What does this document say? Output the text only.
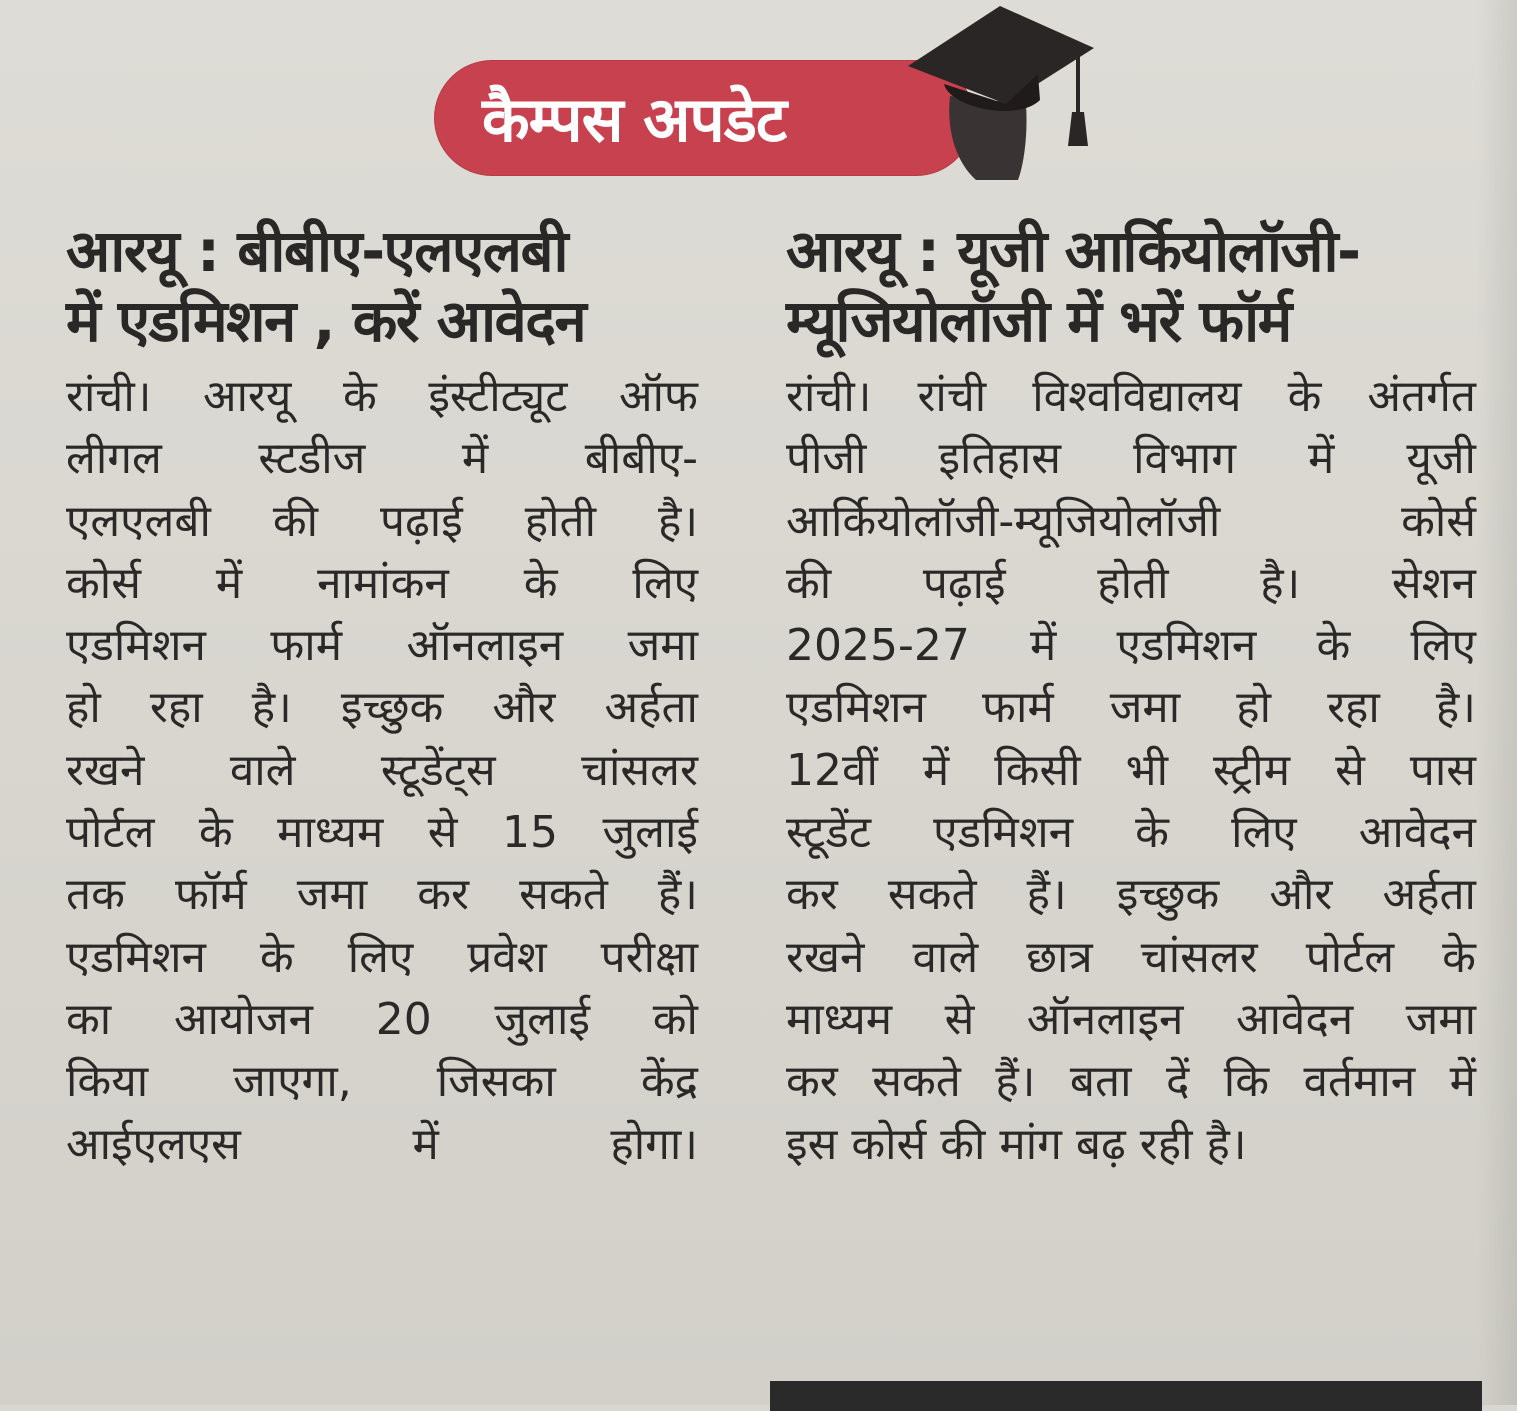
कैम्पस अपडेट
आरयू : बीबीए-एलएलबी
में एडमिशन , करें आवेदन
रांची। आरयू के इंस्टीट्यूट ऑफ
लीगल स्टडीज में बीबीए-
एलएलबी की पढ़ाई होती है।
कोर्स में नामांकन के लिए
एडमिशन फार्म ऑनलाइन जमा
हो रहा है। इच्छुक और अर्हता
रखने वाले स्टूडेंट्स चांसलर
पोर्टल के माध्यम से 15 जुलाई
तक फॉर्म जमा कर सकते हैं।
एडमिशन के लिए प्रवेश परीक्षा
का आयोजन 20 जुलाई को
किया जाएगा, जिसका केंद्र
आईएलएस	में	होगा।
आरयू : यूजी आर्कियोलॉजी-
म्यूजियोलॉजी में भरें फॉर्म
रांची। रांची विश्वविद्यालय के अंतर्गत
पीजी इतिहास विभाग में यूजी
आर्कियोलॉजी-म्यूजियोलॉजी	कोर्स
की पढ़ाई होती है। सेशन
2025-27 में एडमिशन के लिए
एडमिशन फार्म जमा हो रहा है।
12वीं में किसी भी स्ट्रीम से पास
स्टूडेंट एडमिशन के लिए आवेदन
कर सकते हैं। इच्छुक और अर्हता
रखने वाले छात्र चांसलर पोर्टल के
माध्यम से ऑनलाइन आवेदन जमा
कर सकते हैं। बता दें कि वर्तमान में
इस कोर्स की मांग बढ़ रही है।
